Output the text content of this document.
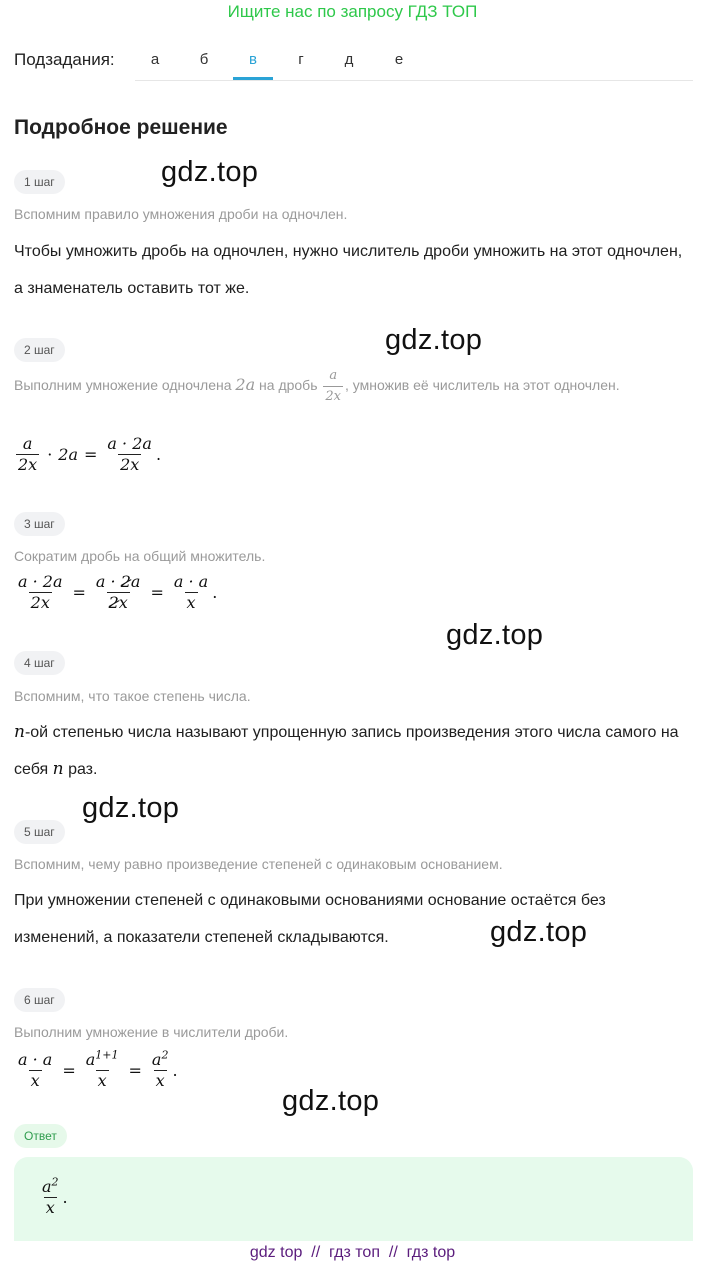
Ищите нас по запросу ГДЗ ТОП
Подзадания:	а	б	в	г	д	е
Подробное решение
1 шаг	gdz.top
Вспомним правило умножения дроби на одночлен.
Чтобы умножить дробь на одночлен, нужно числитель дроби умножить на этот одночлен, а знаменатель оставить тот же.
2 шаг	gdz.top
Выполним умножение одночлена 2a на дробь $\frac{a}{2x}$ , умножив её числитель на этот одночлен.
$\frac{a}{2x} \cdot 2a = \frac{a \cdot 2a}{2x}$ .
3 шаг
Сократим дробь на общий множитель.
$\frac{a \cdot 2a}{2x} = \frac{a \cdot 2a}{2x} = \frac{a \cdot a}{x}$ .
gdz.top
4 шаг
Вспомним, что такое степень числа.
n-ой степенью числа называют упрощенную запись произведения этого числа самого на себя n раз.
gdz.top
5 шаг
Вспомним, чему равно произведение степеней с одинаковым основанием.
При умножении степеней с одинаковыми основаниями основание остаётся без изменений, а показатели степеней складываются.	gdz.top
6 шаг
Выполним умножение в числители дроби.
$\frac{a \cdot a}{x} = \frac{a^{1+1}}{x} = \frac{a^2}{x}$ .
gdz.top
Ответ
$\frac{a^2}{x}$ .
gdz top  //  гдз топ  //  гдз top
